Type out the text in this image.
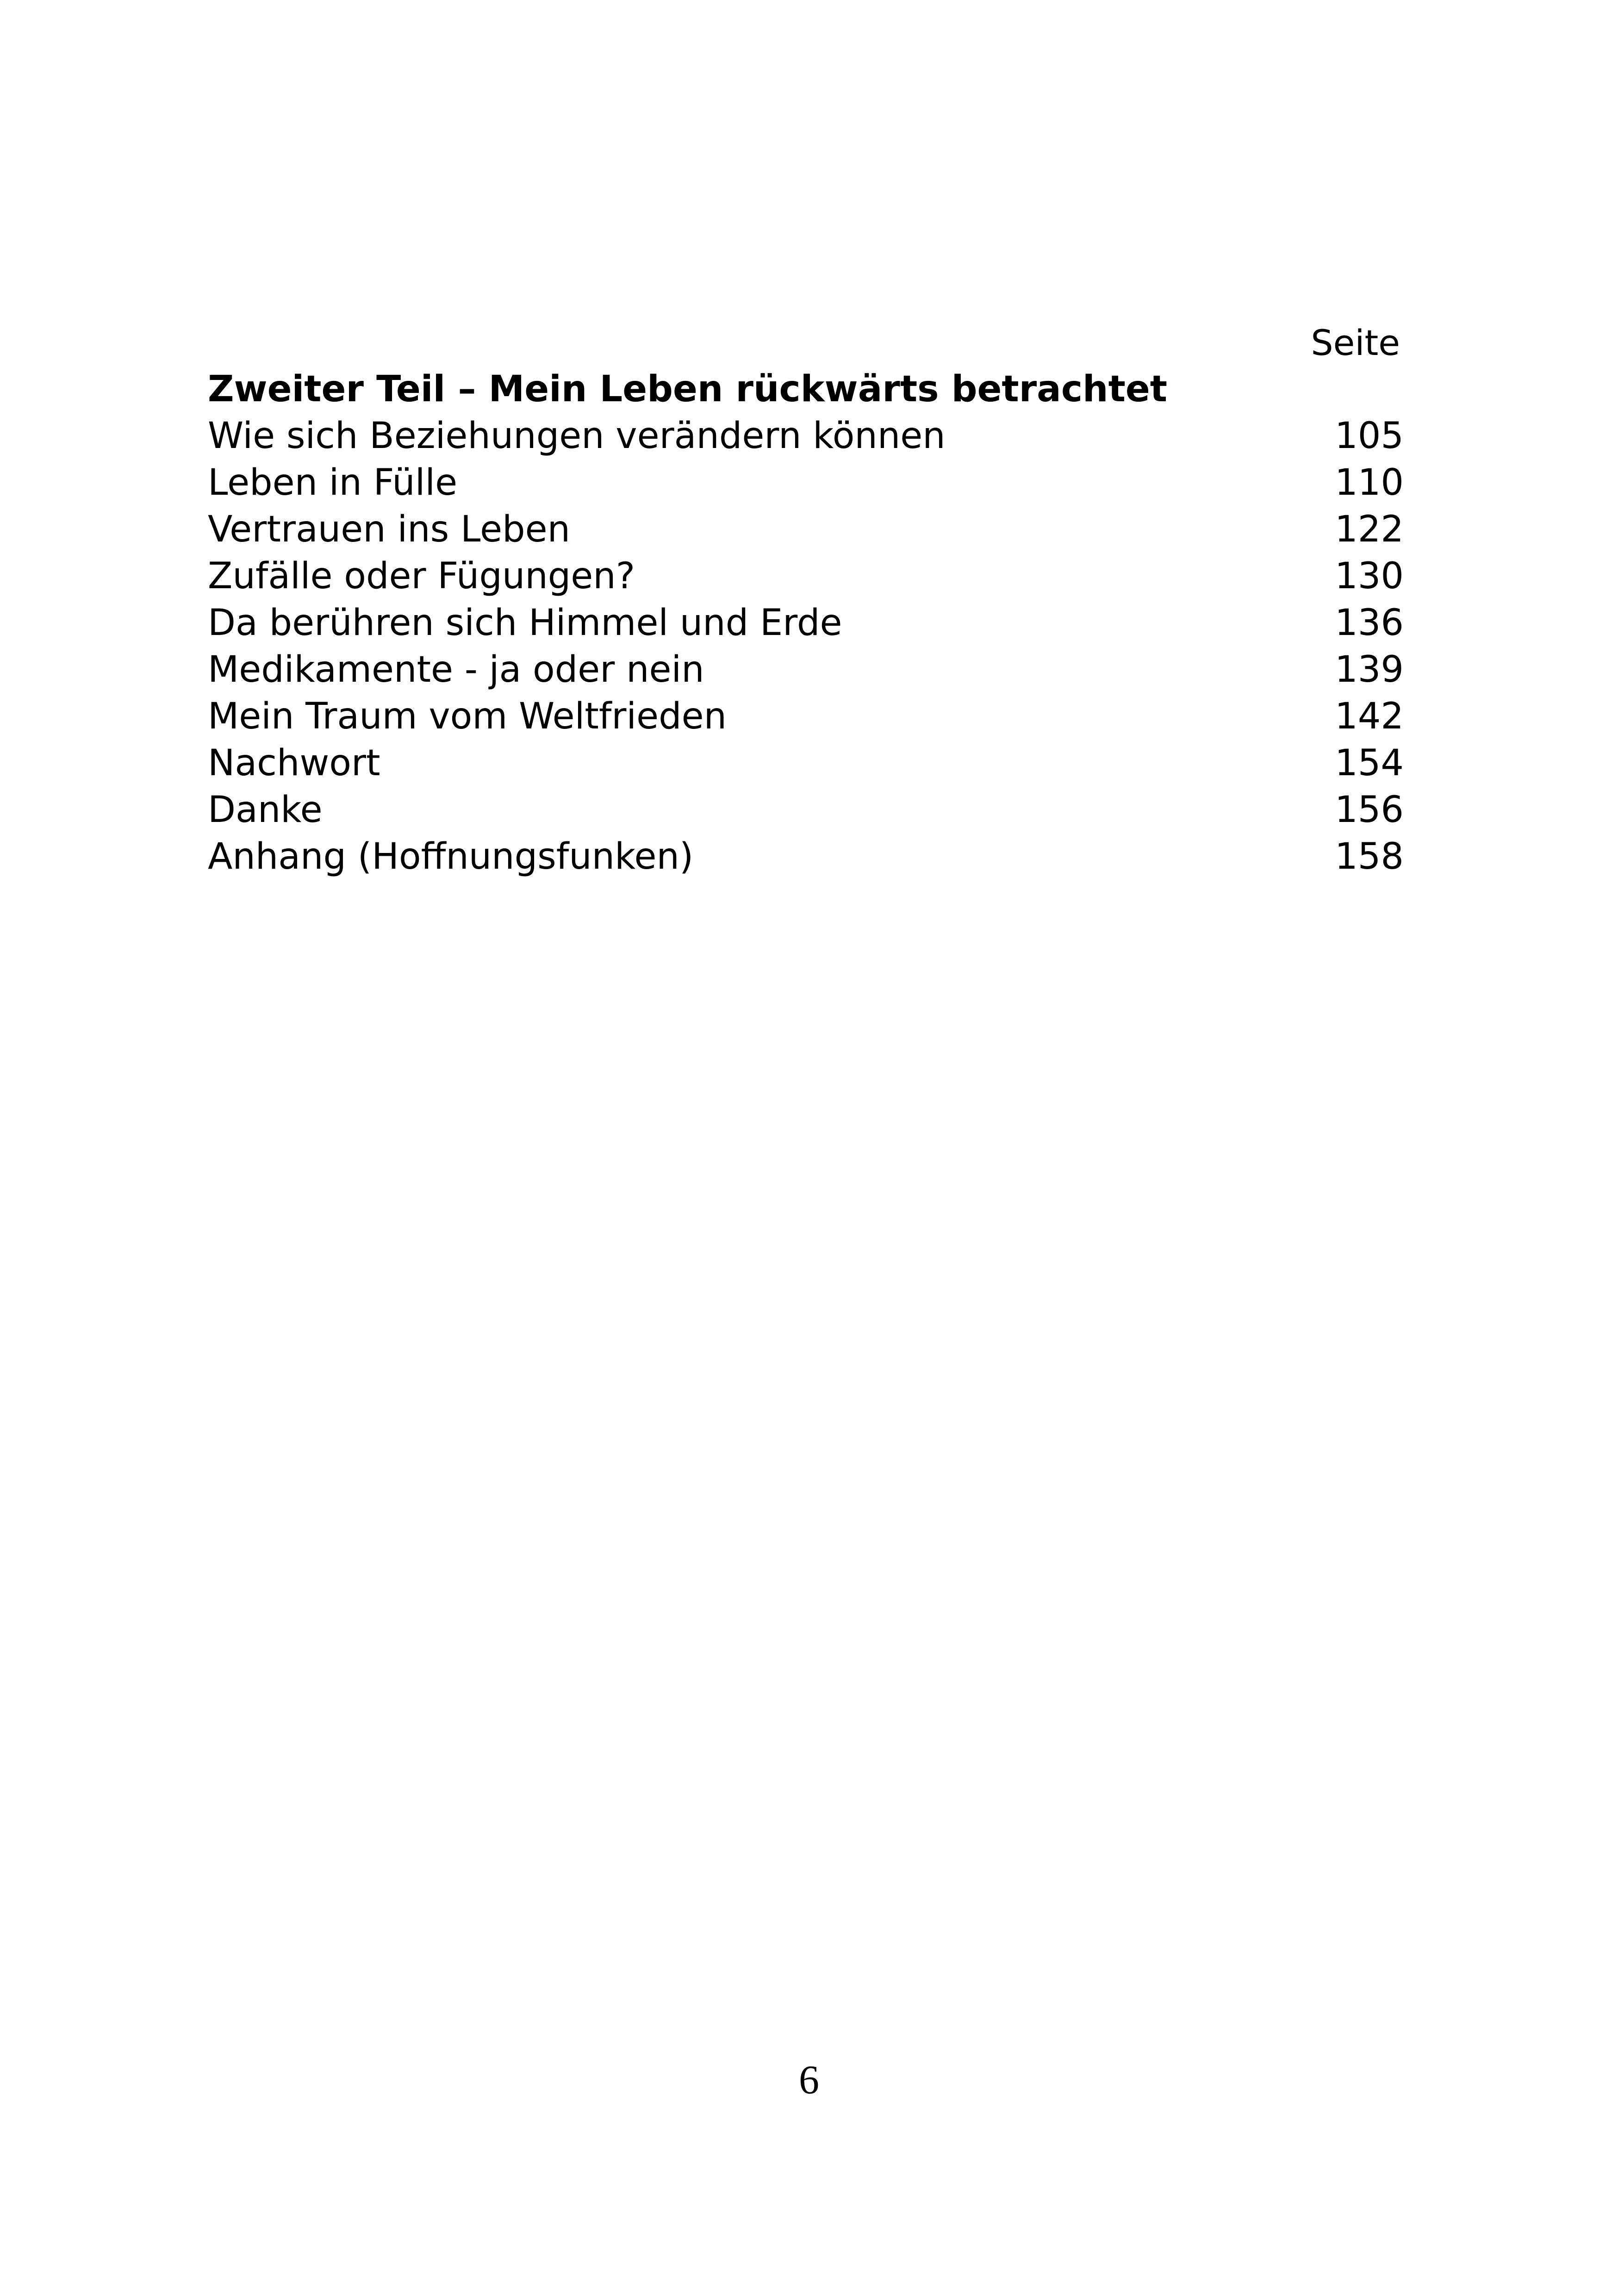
Seite
Zweiter Teil – Mein Leben rückwärts betrachtet
Wie sich Beziehungen verändern können	105
Leben in Fülle	110
Vertrauen ins Leben	122
Zufälle oder Fügungen?	130
Da berühren sich Himmel und Erde	136
Medikamente - ja oder nein	139
Mein Traum vom Weltfrieden	142
Nachwort	154
Danke	156
Anhang (Hoffnungsfunken)	158
6
